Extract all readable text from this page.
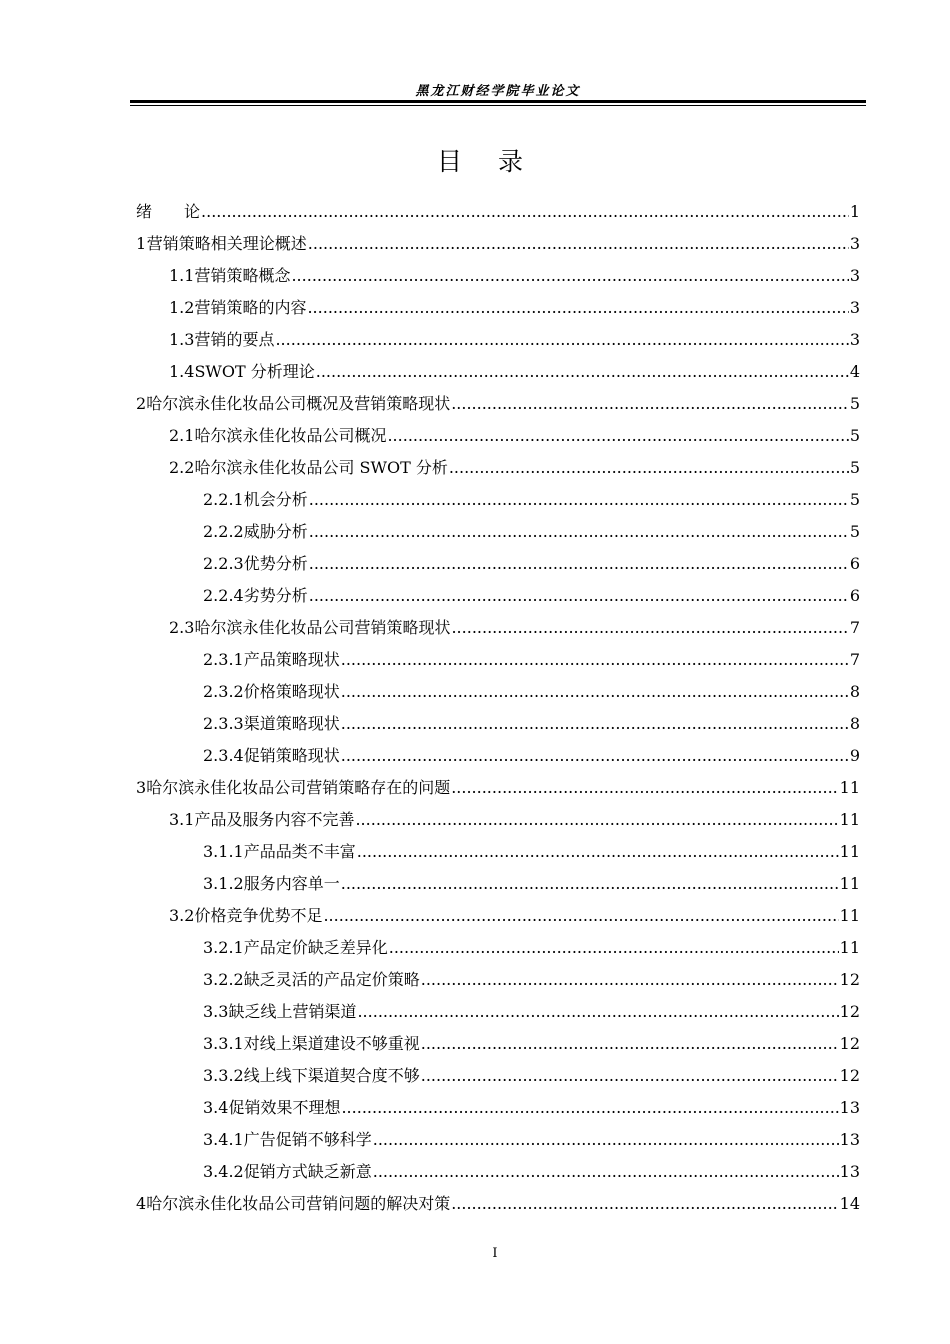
黑龙江财经学院毕业论文
目录
绪　　论 .....	1
1 营销策略相关理论概述 .....	3
1.1 营销策略概念 .....	3
1.2 营销策略的内容 .....	3
1.3 营销的要点 .....	3
1.4 SWOT 分析理论 .....	4
2 哈尔滨永佳化妆品公司概况及营销策略现状 .....	5
2.1 哈尔滨永佳化妆品公司概况 .....	5
2.2 哈尔滨永佳化妆品公司 SWOT 分析 .....	5
2.2.1 机会分析 .....	5
2.2.2 威胁分析 .....	5
2.2.3 优势分析 .....	6
2.2.4 劣势分析 .....	6
2.3 哈尔滨永佳化妆品公司营销策略现状 .....	7
2.3.1 产品策略现状 .....	7
2.3.2 价格策略现状 .....	8
2.3.3 渠道策略现状 .....	8
2.3.4 促销策略现状 .....	9
3 哈尔滨永佳化妆品公司营销策略存在的问题 .....	11
3.1 产品及服务内容不完善 .....	11
3.1.1 产品品类不丰富 .....	11
3.1.2 服务内容单一 .....	11
3.2 价格竞争优势不足 .....	11
3.2.1 产品定价缺乏差异化 .....	11
3.2.2 缺乏灵活的产品定价策略 .....	12
3.3 缺乏线上营销渠道 .....	12
3.3.1 对线上渠道建设不够重视 .....	12
3.3.2 线上线下渠道契合度不够 .....	12
3.4 促销效果不理想 .....	13
3.4.1 广告促销不够科学 .....	13
3.4.2 促销方式缺乏新意 .....	13
4 哈尔滨永佳化妆品公司营销问题的解决对策 .....	14
I
